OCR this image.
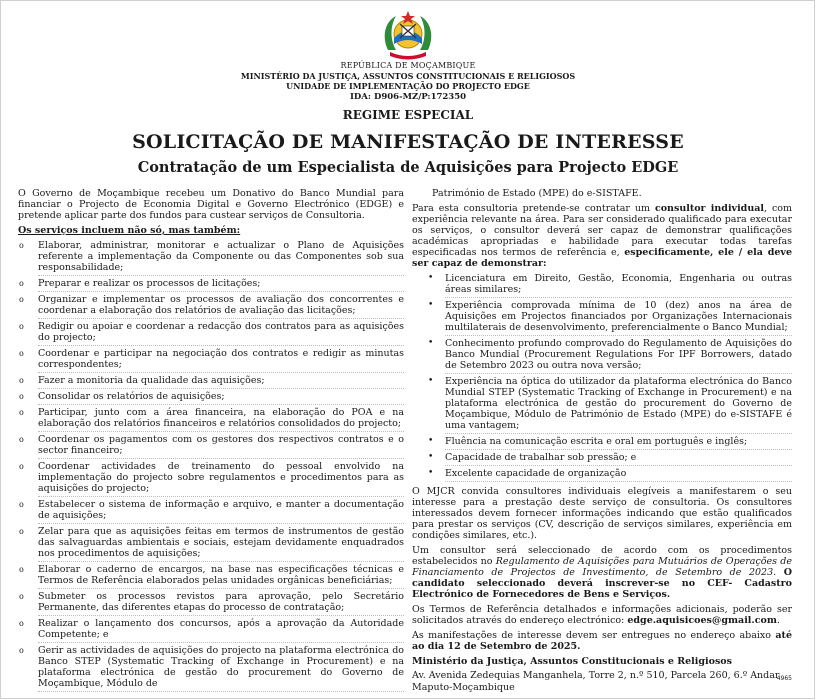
REPÚBLICA DE MOÇAMBIQUE
MINISTÉRIO DA JUSTIÇA, ASSUNTOS CONSTITUCIONAIS E RELIGIOSOS
UNIDADE DE IMPLEMENTAÇÃO DO PROJECTO EDGE
IDA: D906-MZ/P:172350
REGIME ESPECIAL
SOLICITAÇÃO DE MANIFESTAÇÃO DE INTERESSE
Contratação de um Especialista de Aquisições para Projecto EDGE

O Governo de Moçambique recebeu um Donativo do Banco Mundial para financiar o Projecto de Economia Digital e Governo Electrónico (EDGE) e pretende aplicar parte dos fundos para custear serviços de Consultoria.

Os serviços incluem não só, mas também:

o Elaborar, administrar, monitorar e actualizar o Plano de Aquisições referente a implementação da Componente ou das Componentes sob sua responsabilidade;
o Preparar e realizar os processos de licitações;
o Organizar e implementar os processos de avaliação dos concorrentes e coordenar a elaboração dos relatórios de avaliação das licitações;
o Redigir ou apoiar e coordenar a redacção dos contratos para as aquisições do projecto;
o Coordenar e participar na negociação dos contratos e redigir as minutas correspondentes;
o Fazer a monitoria da qualidade das aquisições;
o Consolidar os relatórios de aquisições;
o Participar, junto com a área financeira, na elaboração do POA e na elaboração dos relatórios financeiros e relatórios consolidados do projecto;
o Coordenar os pagamentos com os gestores dos respectivos contratos e o sector financeiro;
o Coordenar actividades de treinamento do pessoal envolvido na implementação do projecto sobre regulamentos e procedimentos para as aquisições do projecto;
o Estabelecer o sistema de informação e arquivo, e manter a documentação de aquisições;
o Zelar para que as aquisições feitas em termos de instrumentos de gestão das salvaguardas ambientais e sociais, estejam devidamente enquadrados nos procedimentos de aquisições;
o Elaborar o caderno de encargos, na base nas especificações técnicas e Termos de Referência elaborados pelas unidades orgânicas beneficiárias;
o Submeter os processos revistos para aprovação, pelo Secretário Permanente, das diferentes etapas do processo de contratação;
o Realizar o lançamento dos concursos, após a aprovação da Autoridade Competente; e
o Gerir as actividades de aquisições do projecto na plataforma electrónica do Banco STEP (Systematic Tracking of Exchange in Procurement) e na plataforma electrónica de gestão do procurement do Governo de Moçambique, Módulo de

Património de Estado (MPE) do e-SISTAFE.

Para esta consultoria pretende-se contratar um consultor individual, com experiência relevante na área. Para ser considerado qualificado para executar os serviços, o consultor deverá ser capaz de demonstrar qualificações académicas apropriadas e habilidade para executar todas tarefas especificadas nos termos de referência e, especificamente, ele / ela deve ser capaz de demonstrar:

• Licenciatura em Direito, Gestão, Economia, Engenharia ou outras áreas similares;
• Experiência comprovada mínima de 10 (dez) anos na área de Aquisições em Projectos financiados por Organizações Internacionais multilaterais de desenvolvimento, preferencialmente o Banco Mundial;
• Conhecimento profundo comprovado do Regulamento de Aquisições do Banco Mundial (Procurement Regulations For IPF Borrowers, datado de Setembro 2023 ou outra nova versão;
• Experiência na óptica do utilizador da plataforma electrónica do Banco Mundial STEP (Systematic Tracking of Exchange in Procurement) e na plataforma electrónica de gestão do procurement do Governo de Moçambique, Módulo de Património de Estado (MPE) do e-SISTAFE é uma vantagem;
• Fluência na comunicação escrita e oral em português e inglês;
• Capacidade de trabalhar sob pressão; e
• Excelente capacidade de organização

O MJCR convida consultores individuais elegíveis a manifestarem o seu interesse para a prestação deste serviço de consultoria. Os consultores interessados devem fornecer informações indicando que estão qualificados para prestar os serviços (CV, descrição de serviços similares, experiência em condições similares, etc.).

Um consultor será seleccionado de acordo com os procedimentos estabelecidos no Regulamento de Aquisições para Mutuários de Operações de Financiamento de Projectos de Investimento, de Setembro de 2023. O candidato seleccionado deverá inscrever-se no CEF- Cadastro Electrónico de Fornecedores de Bens e Serviços.

Os Termos de Referência detalhados e informações adicionais, poderão ser solicitados através do endereço electrónico: edge.aquisicoes@gmail.com.

As manifestações de interesse devem ser entregues no endereço abaixo até ao dia 12 de Setembro de 2025.

Ministério da Justiça, Assuntos Constitucionais e Religiosos

Av. Avenida Zedequias Manganhela, Torre 2, n.º 510, Parcela 260, 6.º Andar

Maputo-Moçambique

4965
